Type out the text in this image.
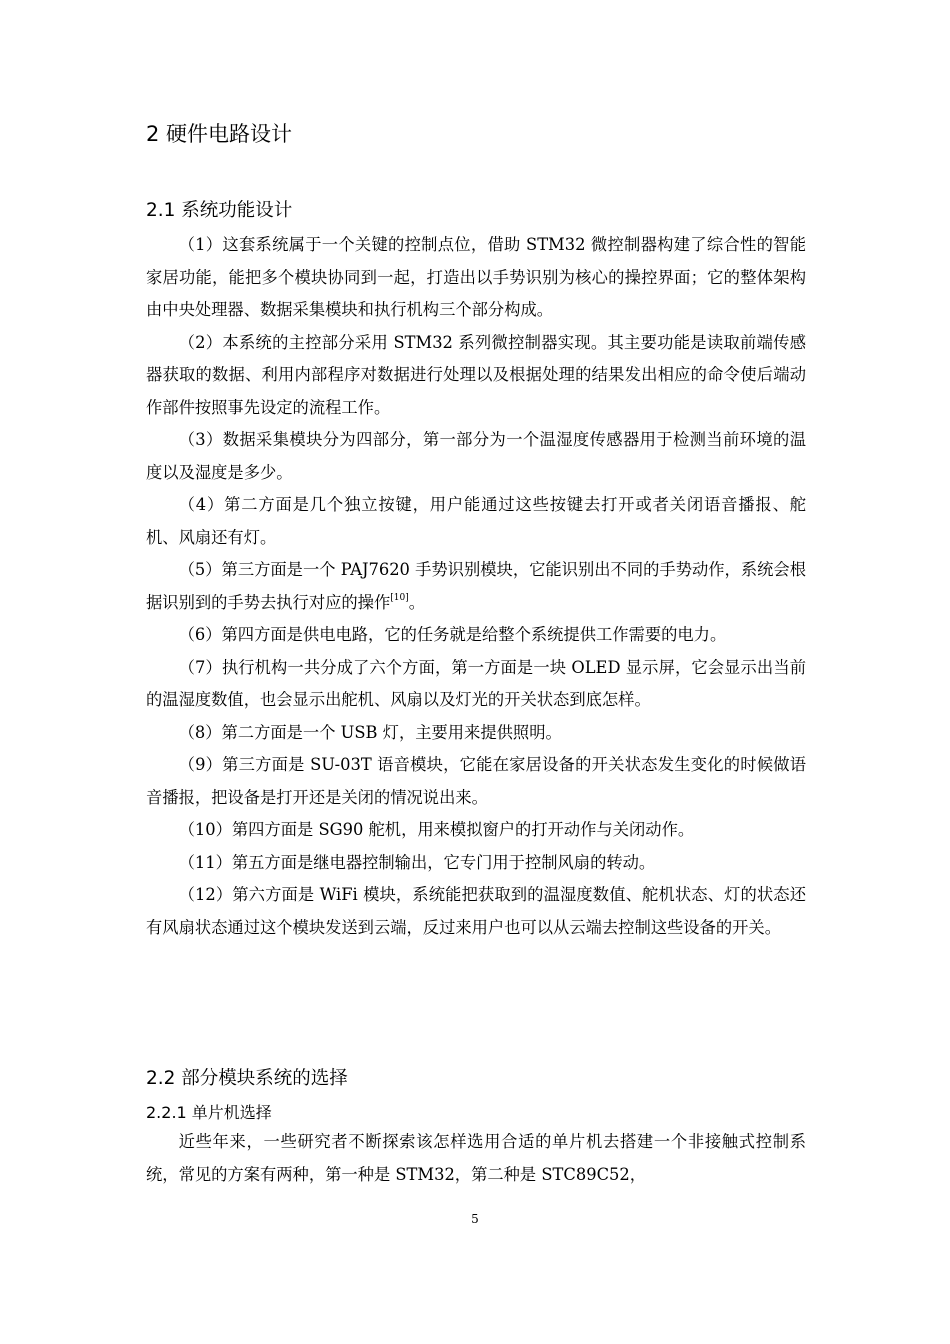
2 硬件电路设计
2.1 系统功能设计

（1）这套系统属于一个关键的控制点位，借助 STM32 微控制器构建了综合性的智能家居功能，能把多个模块协同到一起，打造出以手势识别为核心的操控界面；它的整体架构由中央处理器、数据采集模块和执行机构三个部分构成。

（2）本系统的主控部分采用 STM32 系列微控制器实现。其主要功能是读取前端传感器获取的数据、利用内部程序对数据进行处理以及根据处理的结果发出相应的命令使后端动作部件按照事先设定的流程工作。

（3）数据采集模块分为四部分，第一部分为一个温湿度传感器用于检测当前环境的温度以及湿度是多少。

（4）第二方面是几个独立按键，用户能通过这些按键去打开或者关闭语音播报、舵机、风扇还有灯。

（5）第三方面是一个 PAJ7620 手势识别模块，它能识别出不同的手势动作，系统会根据识别到的手势去执行对应的操作[10]。

（6）第四方面是供电电路，它的任务就是给整个系统提供工作需要的电力。

（7）执行机构一共分成了六个方面，第一方面是一块 OLED 显示屏，它会显示出当前的温湿度数值，也会显示出舵机、风扇以及灯光的开关状态到底怎样。

（8）第二方面是一个 USB 灯，主要用来提供照明。

（9）第三方面是 SU-03T 语音模块，它能在家居设备的开关状态发生变化的时候做语音播报，把设备是打开还是关闭的情况说出来。

（10）第四方面是 SG90 舵机，用来模拟窗户的打开动作与关闭动作。

（11）第五方面是继电器控制输出，它专门用于控制风扇的转动。

（12）第六方面是 WiFi 模块，系统能把获取到的温湿度数值、舵机状态、灯的状态还有风扇状态通过这个模块发送到云端，反过来用户也可以从云端去控制这些设备的开关。

2.2 部分模块系统的选择
2.2.1 单片机选择

近些年来，一些研究者不断探索该怎样选用合适的单片机去搭建一个非接触式控制系统，常见的方案有两种，第一种是 STM32，第二种是 STC89C52，

5
